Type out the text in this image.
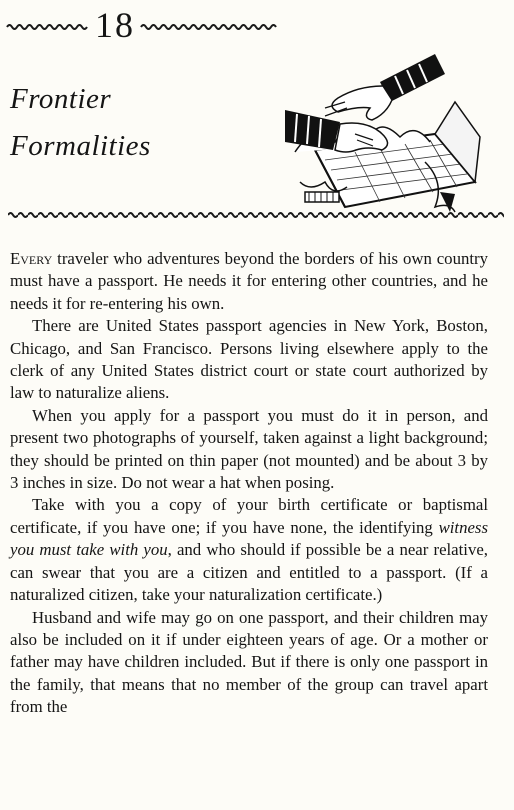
18
Frontier
Formalities

Every traveler who adventures beyond the borders of his own country must have a passport. He needs it for entering other countries, and he needs it for re-entering his own.

There are United States passport agencies in New York, Boston, Chicago, and San Francisco. Persons living elsewhere apply to the clerk of any United States district court or state court authorized by law to naturalize aliens.

When you apply for a passport you must do it in person, and present two photographs of yourself, taken against a light background; they should be printed on thin paper (not mounted) and be about 3 by 3 inches in size. Do not wear a hat when posing.

Take with you a copy of your birth certificate or baptismal certificate, if you have one; if you have none, the identifying witness you must take with you, and who should if possible be a near relative, can swear that you are a citizen and entitled to a passport. (If a naturalized citizen, take your naturalization certificate.)

Husband and wife may go on one passport, and their children may also be included on it if under eighteen years of age. Or a mother or father may have children included. But if there is only one passport in the family, that means that no member of the group can travel apart from the
